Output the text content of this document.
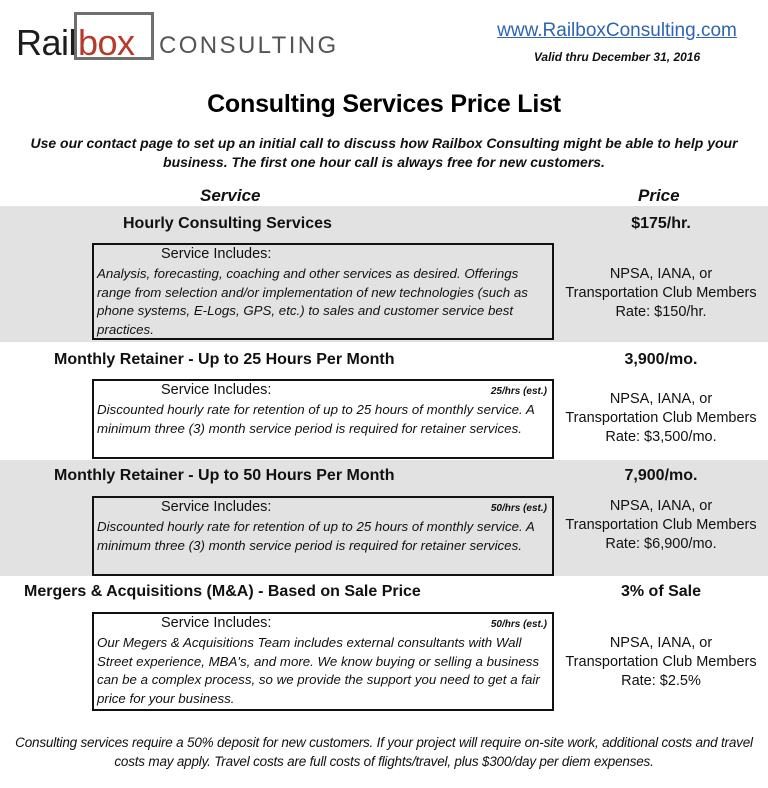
Rail box CONSULTING
www.RailboxConsulting.com
Valid thru December 31, 2016
Consulting Services Price List

Use our contact page to set up an initial call to discuss how Railbox Consulting might be able to help your business. The first one hour call is always free for new customers.

Service	Price
Hourly Consulting Services	$175/hr.
Service Includes:
Analysis, forecasting, coaching and other services as desired. Offerings range from selection and/or implementation of new technologies (such as phone systems, E-Logs, GPS, etc.) to sales and customer service best practices.
NPSA, IANA, or
Transportation Club Members
Rate: $150/hr.
Monthly Retainer - Up to 25 Hours Per Month	3,900/mo.
Service Includes:	25/hrs (est.)
Discounted hourly rate for retention of up to 25 hours of monthly service. A minimum three (3) month service period is required for retainer services.
NPSA, IANA, or
Transportation Club Members
Rate: $3,500/mo.
Monthly Retainer - Up to 50 Hours Per Month	7,900/mo.
Service Includes:	50/hrs (est.)
Discounted hourly rate for retention of up to 25 hours of monthly service. A minimum three (3) month service period is required for retainer services.
NPSA, IANA, or
Transportation Club Members
Rate: $6,900/mo.
Mergers & Acquisitions (M&A) - Based on Sale Price	3% of Sale
Service Includes:	50/hrs (est.)
Our Megers & Acquisitions Team includes external consultants with Wall Street experience, MBA's, and more. We know buying or selling a business can be a complex process, so we provide the support you need to get a fair price for your business.
NPSA, IANA, or
Transportation Club Members
Rate: $2.5%

Consulting services require a 50% deposit for new customers. If your project will require on-site work, additional costs and travel costs may apply. Travel costs are full costs of flights/travel, plus $300/day per diem expenses.
